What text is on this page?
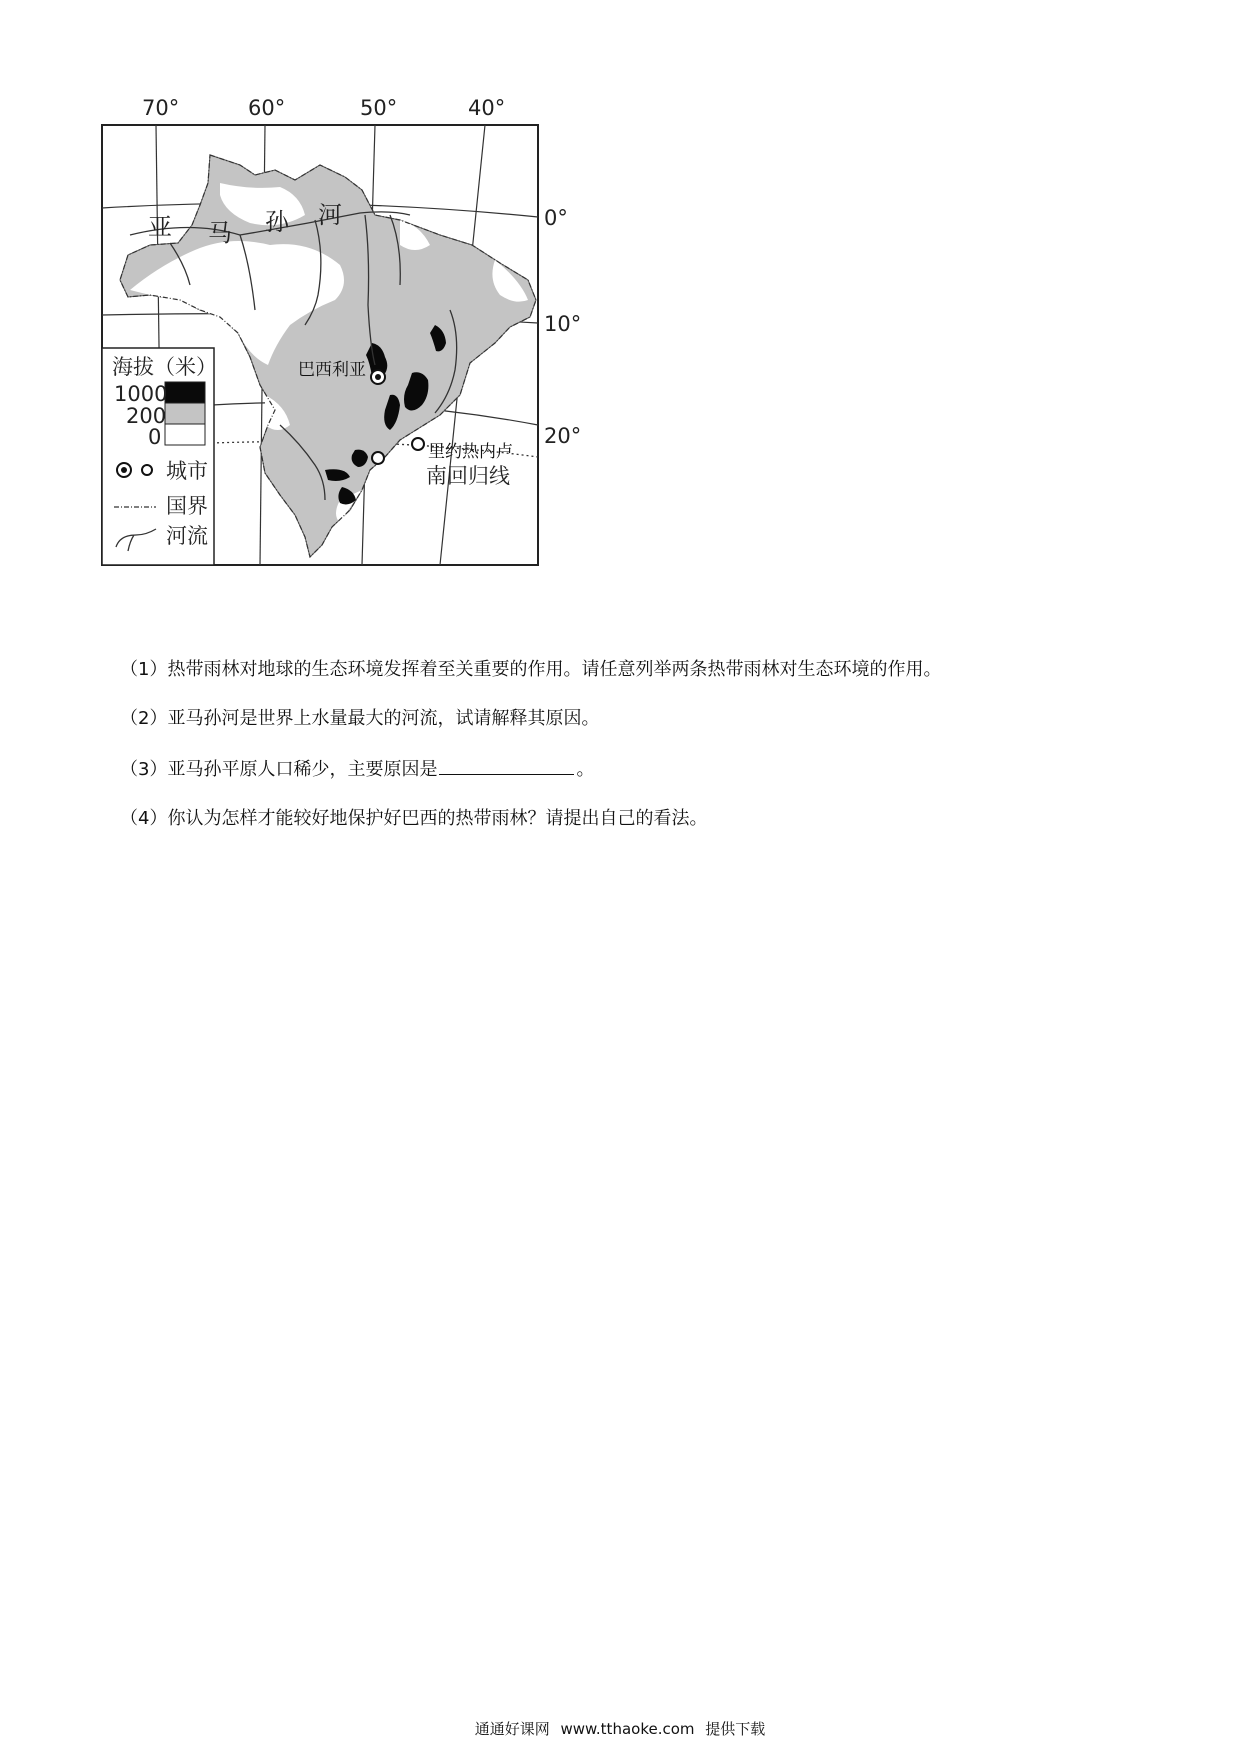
70°	60°	50°	40°
亚 马 孙 河	0°
10°
20°
巴西利亚
里约热内卢
南回归线
海拔（米）
1000
200
0
城市
国界
河流

（1）热带雨林对地球的生态环境发挥着至关重要的作用。请任意列举两条热带雨林对生态环境的作用。

（2）亚马孙河是世界上水量最大的河流，试请解释其原因。

（3）亚马孙平原人口稀少，主要原因是	。

（4）你认为怎样才能较好地保护好巴西的热带雨林？请提出自己的看法。

通通好课网 www.tthaoke.com 提供下载
